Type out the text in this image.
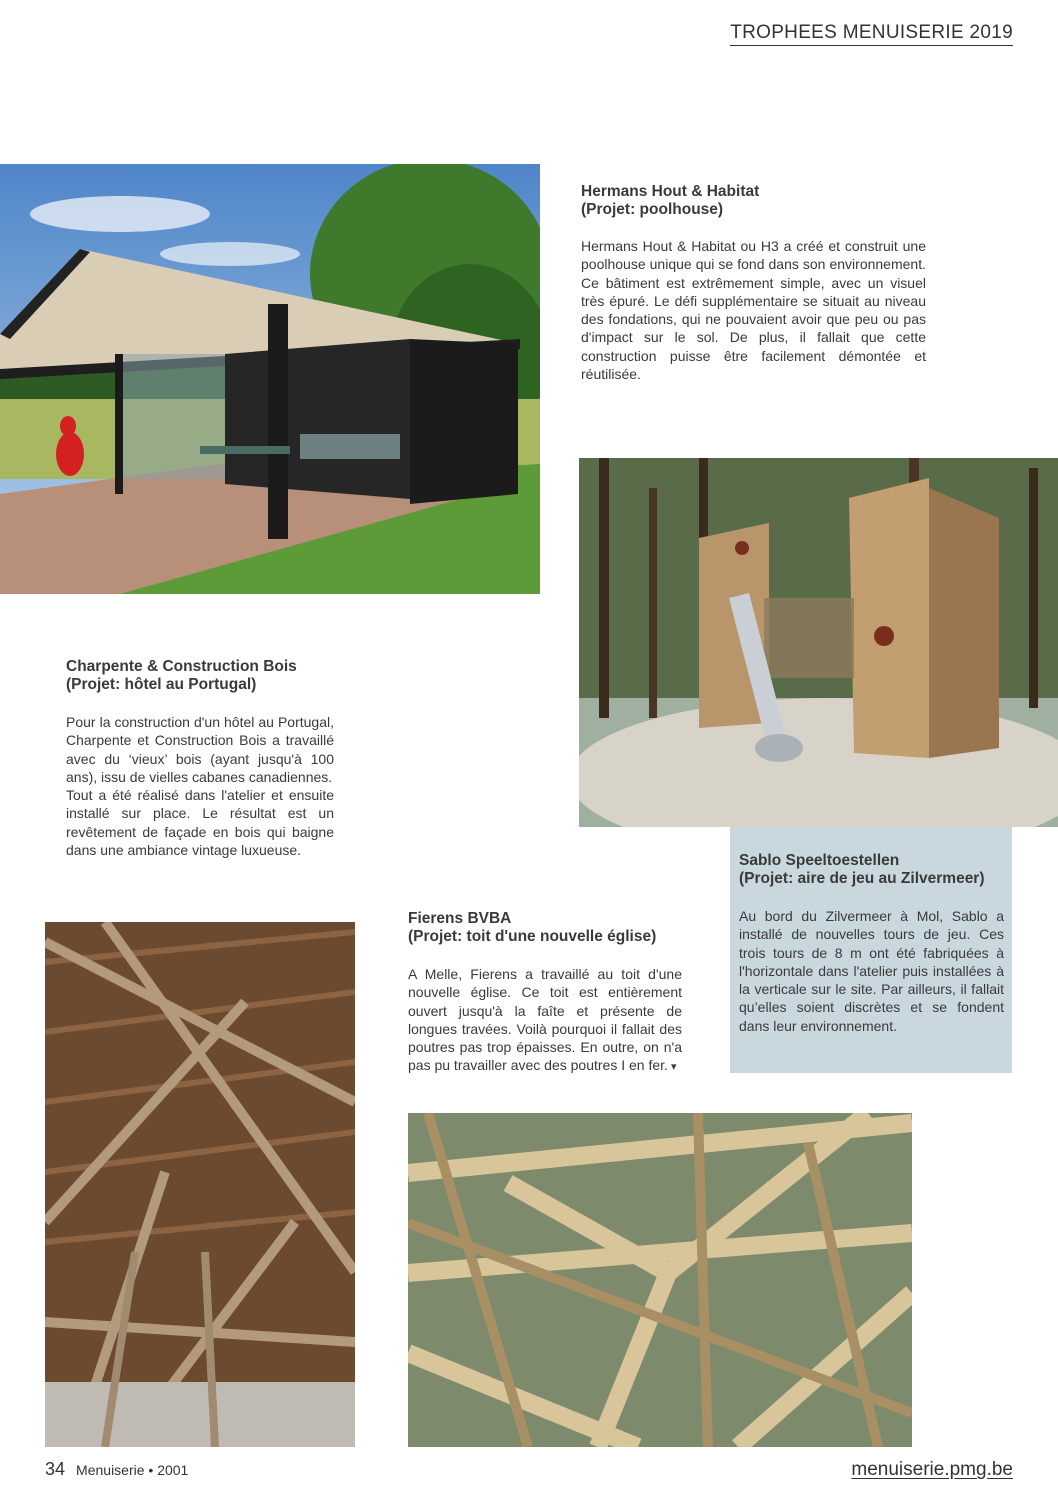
TROPHEES MENUISERIE 2019
Hermans Hout & Habitat
(Projet: poolhouse)

Hermans Hout & Habitat ou H3 a créé et construit une poolhouse unique qui se fond dans son environnement. Ce bâtiment est extrêmement simple, avec un visuel très épuré. Le défi supplémentaire se situait au niveau des fondations, qui ne pouvaient avoir que peu ou pas d'impact sur le sol. De plus, il fallait que cette construction puisse être facilement démontée et réutilisée.

Charpente & Construction Bois
(Projet: hôtel au Portugal)

Pour la construction d'un hôtel au Portugal, Charpente et Construction Bois a travaillé avec du ‘vieux’ bois (ayant jusqu'à 100 ans), issu de vielles cabanes canadiennes.

Tout a été réalisé dans l'atelier et ensuite installé sur place. Le résultat est un revêtement de façade en bois qui baigne dans une ambiance vintage luxueuse.

Sablo Speeltoestellen
(Projet: aire de jeu au Zilvermeer)

Au bord du Zilvermeer à Mol, Sablo a installé de nouvelles tours de jeu. Ces trois tours de 8 m ont été fabriquées à l'horizontale dans l'atelier puis installées à la verticale sur le site. Par ailleurs, il fallait qu’elles soient discrètes et se fondent dans leur environnement.

Fierens BVBA
(Projet: toit d'une nouvelle église)

A Melle, Fierens a travaillé au toit d'une nouvelle église. Ce toit est entièrement ouvert jusqu'à la faîte et présente de longues travées. Voilà pourquoi il fallait des poutres pas trop épaisses. En outre, on n'a pas pu travailler avec des poutres I en fer. ▾

34 Menuiserie • 2001	menuiserie.pmg.be
